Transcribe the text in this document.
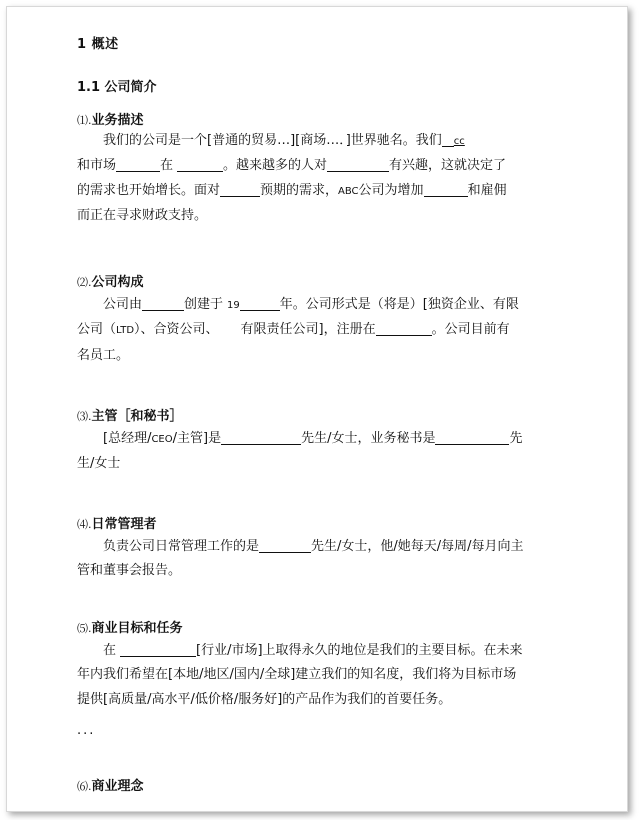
1 概述
1.1 公司简介
⑴.业务描述
我们的公司是一个[普通的贸易…][商场…．]世界驰名。我们 cc
和市场	在	。越来越多的人对	有兴趣，这就决定了
的需求也开始增长。面对	预期的需求，ABC公司为增加	和雇佣
而正在寻求财政支持。
⑵.公司构成
公司由	创建于 19	年。公司形式是（将是）[独资企业、有限
公司（LTD）、合资公司、 有限责任公司]，注册在	。公司目前有
名员工。
⑶.主管［和秘书］
[总经理/CEO/主管]是	先生/女士，业务秘书是	先
生/女士
⑷.日常管理者
负责公司日常管理工作的是	先生/女士，他/她每天/每周/每月向主
管和董事会报告。
⑸.商业目标和任务
在	[行业/市场]上取得永久的地位是我们的主要目标。在未来
年内我们希望在[本地/地区/国内/全球]建立我们的知名度，我们将为目标市场
提供[高质量/高水平/低价格/服务好]的产品作为我们的首要任务。
...
⑹.商业理念
